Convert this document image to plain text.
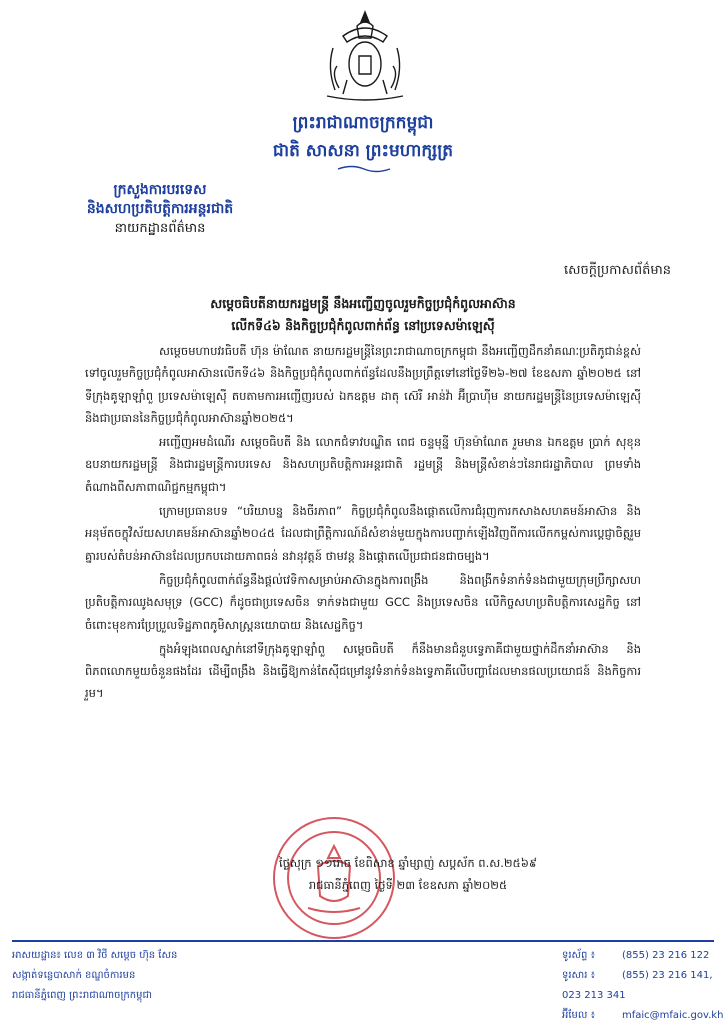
ព្រះរាជាណាចក្រកម្ពុជា
ជាតិ សាសនា ព្រះមហាក្សត្រ
ក្រសួងការបរទេស
និងសហប្រតិបត្តិការអន្តរជាតិ
នាយកដ្ឋានព័ត៌មាន
សេចក្ដីប្រកាសព័ត៌មាន
សម្ដេចធិបតីនាយករដ្ឋមន្ត្រី នឹងអញ្ជើញចូលរួមកិច្ចប្រជុំកំពូលអាស៊ាន
លើកទី៤៦ និងកិច្ចប្រជុំកំពូលពាក់ព័ន្ធ នៅប្រទេសម៉ាឡេស៊ី

សម្ដេចមហាបវរធិបតី ហ៊ុន ម៉ាណែត នាយករដ្ឋមន្ត្រីនៃព្រះរាជាណាចក្រកម្ពុជា នឹងអញ្ជើញដឹកនាំគណៈប្រតិភូជាន់ខ្ពស់ទៅចូលរួមកិច្ចប្រជុំកំពូលអាស៊ានលើកទី៤៦ និងកិច្ចប្រជុំកំពូលពាក់ព័ន្ធដែលនឹងប្រព្រឹត្តទៅនៅថ្ងៃទី២៦-២៧ ខែឧសភា ឆ្នាំ២០២៥ នៅទីក្រុងគូឡាឡាំពួ ប្រទេសម៉ាឡេស៊ី តបតាមការអញ្ជើញរបស់ ឯកឧត្តម ដាតុ ស៊េរី អាន់វ៉ា អ៊ីប្រាហ៊ីម នាយករដ្ឋមន្ត្រីនៃប្រទេសម៉ាឡេស៊ី និងជាប្រធាននៃកិច្ចប្រជុំកំពូលអាស៊ានឆ្នាំ២០២៥។

អញ្ជើញអមដំណើរ សម្ដេចធិបតី និង លោកជំទាវបណ្ឌិត ពេជ ចន្ទមុន្នី ហ៊ុនម៉ាណែត រួមមាន ឯកឧត្តម ប្រាក់ សុខុន ឧបនាយករដ្ឋមន្ត្រី និងជារដ្ឋមន្ត្រីការបរទេស និងសហប្រតិបត្តិការអន្តរជាតិ រដ្ឋមន្ត្រី និងមន្ត្រីសំខាន់ៗនៃរាជរដ្ឋាភិបាល ព្រមទាំងតំណាងពីសភាពាណិជ្ជកម្មកម្ពុជា។

ក្រោមប្រធានបទ “បរិយាបន្ន និងចីរភាព” កិច្ចប្រជុំកំពូលនឹងផ្ដោតលើការជំរុញការកសាងសហគមន៍អាស៊ាន និងអនុម័តចក្ខុវិស័យសហគមន៍អាស៊ានឆ្នាំ២០៤៥ ដែលជាព្រឹត្តិការណ៍ដ៏សំខាន់មួយក្នុងការបញ្ជាក់ឡើងវិញពីការលើកកម្ពស់ការប្ដេជ្ញាចិត្តរួមគ្នារបស់តំបន់អាស៊ានដែលប្រកបដោយភាពធន់ នវានុវត្តន៍ ថាមវន្ត និងផ្ដោតលើប្រជាជនជាចម្បង។

កិច្ចប្រជុំកំពូលពាក់ព័ន្ធនឹងផ្ដល់វេទិកាសម្រាប់អាស៊ានក្នុងការពង្រឹង និងពង្រីកទំនាក់ទំនងជាមួយក្រុមប្រឹក្សាសហប្រតិបត្តិការឈូងសមុទ្រ (GCC) ក៏ដូចជាប្រទេសចិន ទាក់ទងជាមួយ GCC និងប្រទេសចិន លើកិច្ចសហប្រតិបត្តិការសេដ្ឋកិច្ច នៅចំពោះមុខការប្រែប្រួលទិដ្ឋភាពភូមិសាស្ត្រនយោបាយ និងសេដ្ឋកិច្ច។

ក្នុងអំឡុងពេលស្នាក់នៅទីក្រុងគូឡាឡាំពួ សម្ដេចធិបតី ក៏នឹងមានជំនួបទ្វេភាគីជាមួយថ្នាក់ដឹកនាំអាស៊ាន និងពិភពលោកមួយចំនួនផងដែរ ដើម្បីពង្រឹង និងធ្វើឱ្យកាន់តែស៊ីជម្រៅនូវទំនាក់ទំនងទ្វេភាគីលើបញ្ហាដែលមានផលប្រយោជន៍ និងកិច្ចការរួម។

ថ្ងៃសុក្រ ១១រោច ខែពិសាខ ឆ្នាំម្សាញ់ សប្តស័ក ព.ស.២៥៦៩
រាជធានីភ្នំពេញ ថ្ងៃទី ២៣ ខែឧសភា ឆ្នាំ២០២៥
អាសយដ្ឋាន៖ លេខ ៣ វិថី សម្ដេច ហ៊ុន សែន
សង្កាត់ទន្លេបាសាក់ ខណ្ឌចំការមន
រាជធានីភ្នំពេញ ព្រះរាជាណាចក្រកម្ពុជា
ទូរស័ព្ទ ៖	(855) 23 216 122
ទូរសារ ៖	(855) 23 216 141, 023 213 341
អ៊ីមែល ៖	mfaic@mfaic.gov.kh
